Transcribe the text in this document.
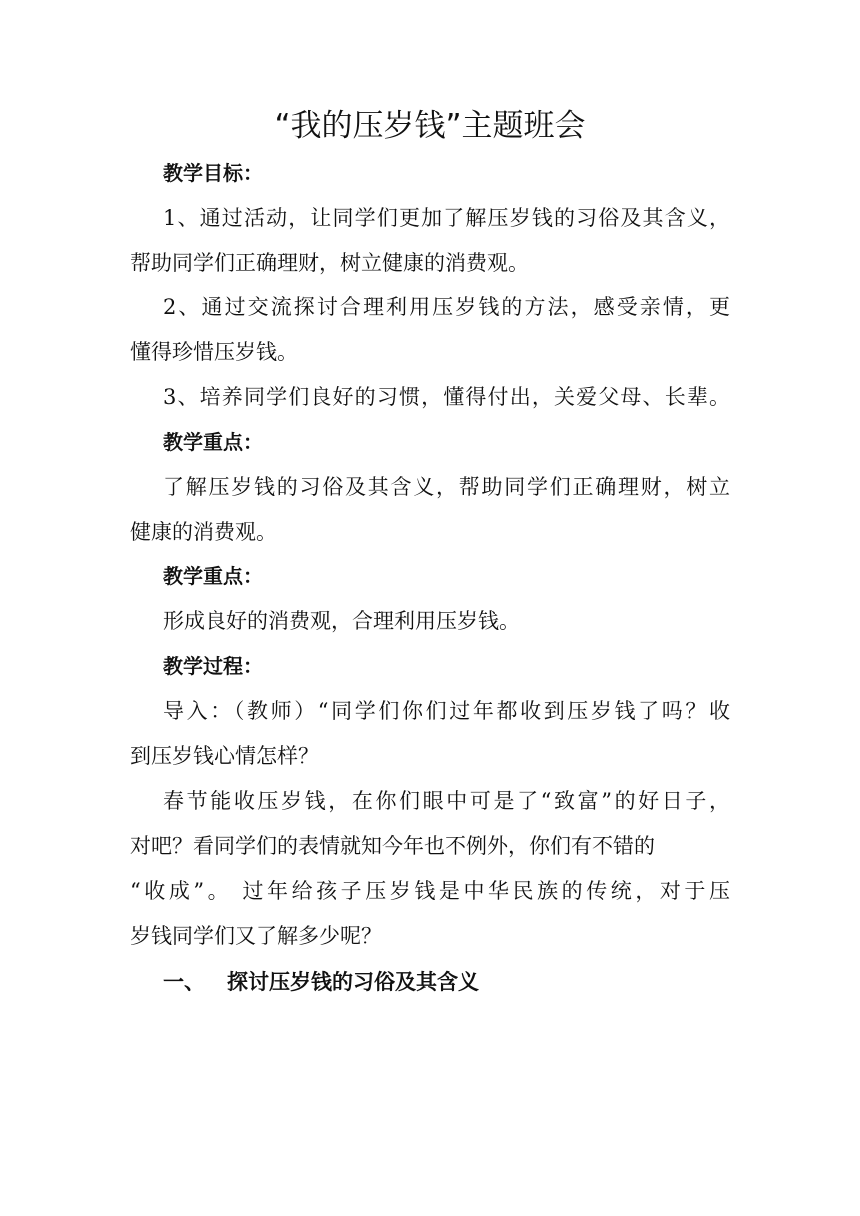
“我的压岁钱”主题班会
教学目标：
1、通过活动，让同学们更加了解压岁钱的习俗及其含义，
帮助同学们正确理财，树立健康的消费观。
2、通过交流探讨合理利用压岁钱的方法，感受亲情，更
懂得珍惜压岁钱。
3、培养同学们良好的习惯，懂得付出，关爱父母、长辈。
教学重点：
了解压岁钱的习俗及其含义，帮助同学们正确理财，树立
健康的消费观。
教学重点：
形成良好的消费观，合理利用压岁钱。
教学过程：
导入：（教师）“同学们你们过年都收到压岁钱了吗？收
到压岁钱心情怎样？
春节能收压岁钱，在你们眼中可是了“致富”的好日子，
对吧？看同学们的表情就知今年也不例外，你们有不错的
“收成”。 过年给孩子压岁钱是中华民族的传统，对于压
岁钱同学们又了解多少呢？
一、 探讨压岁钱的习俗及其含义
